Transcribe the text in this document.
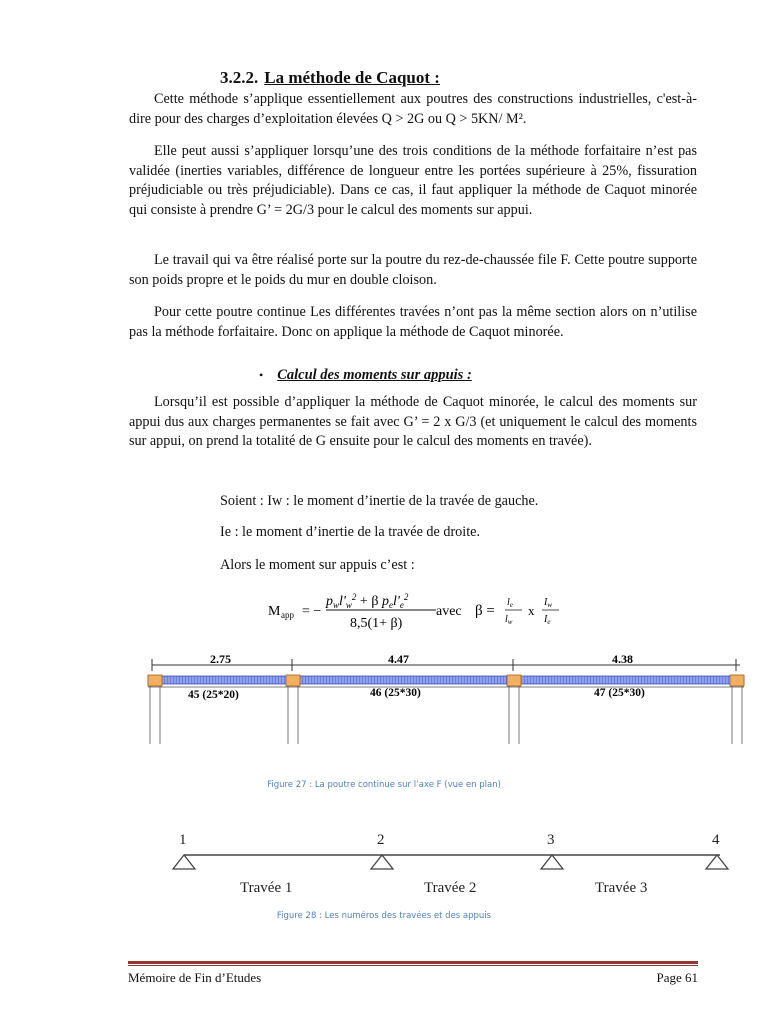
3.2.2. La méthode de Caquot :

Cette méthode s’applique essentiellement aux poutres des constructions industrielles, c'est-à-dire pour des charges d’exploitation élevées Q > 2G ou Q > 5KN/ M².

Elle peut aussi s’appliquer lorsqu’une des trois conditions de la méthode forfaitaire n’est pas validée (inerties variables, différence de longueur entre les portées supérieure à 25%, fissuration préjudiciable ou très préjudiciable). Dans ce cas, il faut appliquer la méthode de Caquot minorée qui consiste à prendre G’ = 2G/3 pour le calcul des moments sur appui.

Le travail qui va être réalisé porte sur la poutre du rez-de-chaussée file F. Cette poutre supporte son poids propre et le poids du mur en double cloison.

Pour cette poutre continue Les différentes travées n’ont pas la même section alors on n’utilise pas la méthode forfaitaire. Donc on applique la méthode de Caquot minorée.

• Calcul des moments sur appuis :

Lorsqu’il est possible d’appliquer la méthode de Caquot minorée, le calcul des moments sur appui dus aux charges permanentes se fait avec G’ = 2 x G/3 (et uniquement le calcul des moments sur appui, on prend la totalité de G ensuite pour le calcul des moments en travée).

Soient : Iw : le moment d’inertie de la travée de gauche.
Ie : le moment d’inertie de la travée de droite.
Alors le moment sur appuis c’est :
M app = −
$p_wl'_w^2 + \beta$ $p_el'_e^2$
8,5(1+ β)
avec β =
$l_e$
$l_w$
x
$I_w$
$I_e$
2.75	4.47	4.38
45 (25*20)	46 (25*30)	47 (25*30)
Figure 27 : La poutre continue sur l’axe F (vue en plan)
1	2	3	4
Travée 1	Travée 2	Travée 3
Figure 28 : Les numéros des travées et des appuis
Mémoire de Fin d’Etudes	Page 61
